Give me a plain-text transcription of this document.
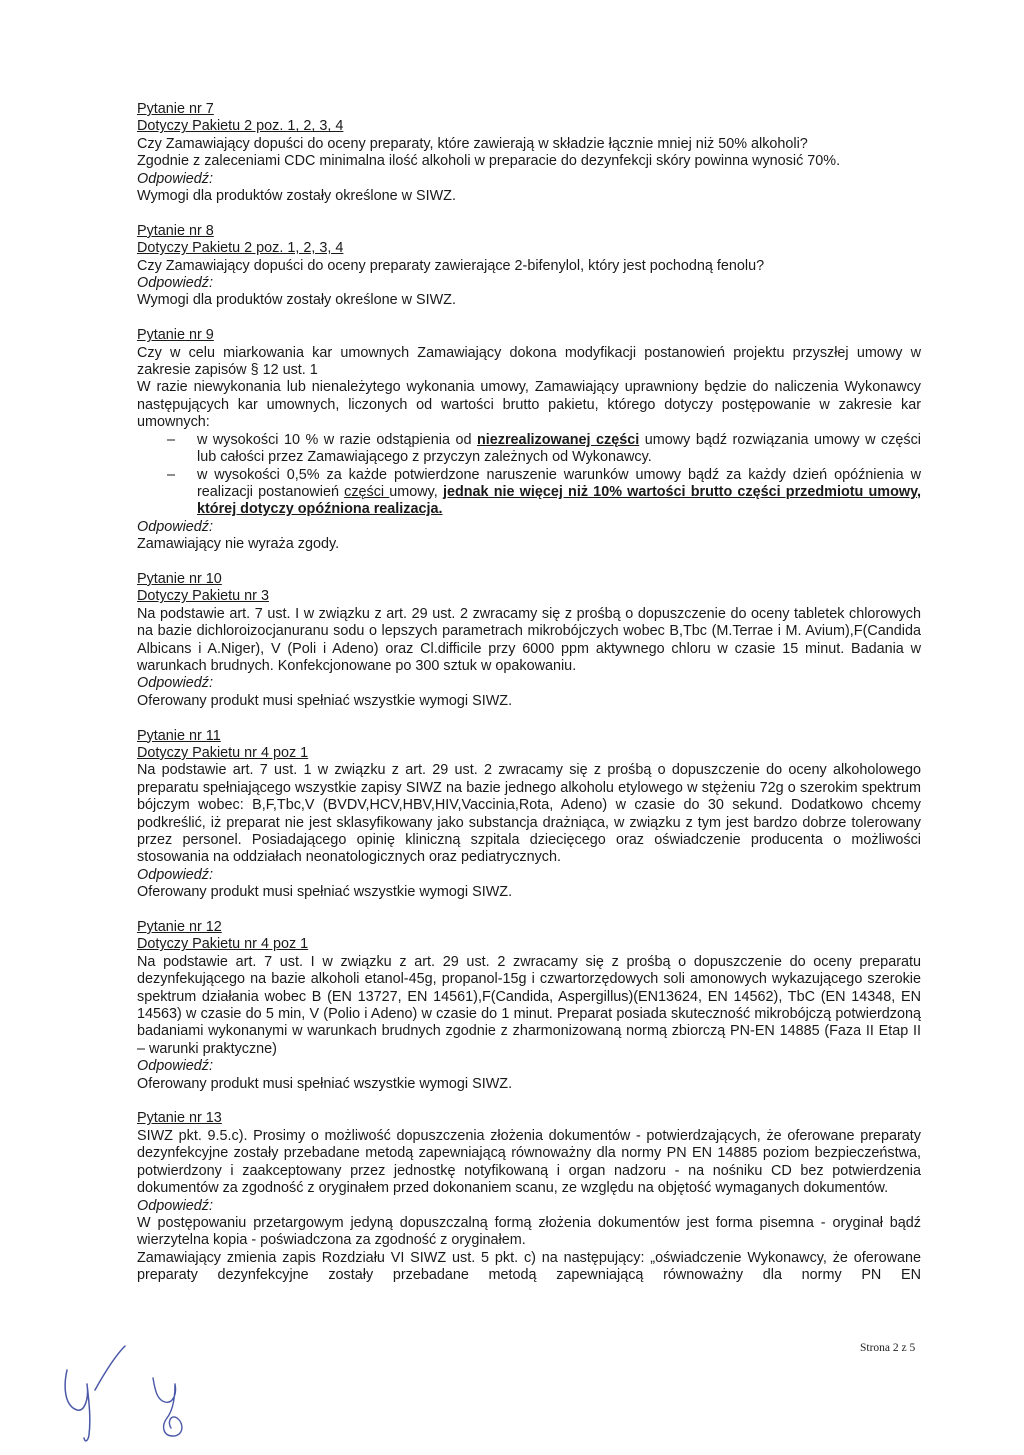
Pytanie nr 7

Dotyczy Pakietu 2 poz. 1, 2, 3, 4

Czy Zamawiający dopuści do oceny preparaty, które zawierają w składzie łącznie mniej niż 50% alkoholi?

Zgodnie z zaleceniami CDC minimalna ilość alkoholi w preparacie do dezynfekcji skóry powinna wynosić 70%.

Odpowiedź:

Wymogi dla produktów zostały określone w SIWZ.

Pytanie nr 8

Dotyczy Pakietu 2 poz. 1, 2, 3, 4

Czy Zamawiający dopuści do oceny preparaty zawierające 2-bifenylol, który jest pochodną fenolu?

Odpowiedź:

Wymogi dla produktów zostały określone w SIWZ.

Pytanie nr 9

Czy w celu miarkowania kar umownych Zamawiający dokona modyfikacji postanowień projektu przyszłej umowy w zakresie zapisów § 12 ust. 1

W razie niewykonania lub nienależytego wykonania umowy, Zamawiający uprawniony będzie do naliczenia Wykonawcy następujących kar umownych, liczonych od wartości brutto pakietu, którego dotyczy postępowanie w zakresie kar umownych:

– w wysokości 10 % w razie odstąpienia od niezrealizowanej części umowy bądź rozwiązania umowy w części lub całości przez Zamawiającego z przyczyn zależnych od Wykonawcy.
– w wysokości 0,5% za każde potwierdzone naruszenie warunków umowy bądź za każdy dzień opóźnienia w realizacji postanowień części umowy, jednak nie więcej niż 10% wartości brutto części przedmiotu umowy, której dotyczy opóźniona realizacja.

Odpowiedź:

Zamawiający nie wyraża zgody.

Pytanie nr 10

Dotyczy Pakietu nr 3

Na podstawie art. 7 ust. I w związku z art. 29 ust. 2 zwracamy się z prośbą o dopuszczenie do oceny tabletek chlorowych na bazie dichloroizocjanuranu sodu o lepszych parametrach mikrobójczych wobec B,Tbc (M.Terrae i M. Avium),F(Candida Albicans i A.Niger), V (Poli i Adeno) oraz Cl.difficile przy 6000 ppm aktywnego chloru w czasie 15 minut. Badania w warunkach brudnych. Konfekcjonowane po 300 sztuk w opakowaniu.

Odpowiedź:

Oferowany produkt musi spełniać wszystkie wymogi SIWZ.

Pytanie nr 11

Dotyczy Pakietu nr 4 poz 1

Na podstawie art. 7 ust. 1 w związku z art. 29 ust. 2 zwracamy się z prośbą o dopuszczenie do oceny alkoholowego preparatu spełniającego wszystkie zapisy SIWZ na bazie jednego alkoholu etylowego w stężeniu 72g o szerokim spektrum bójczym wobec: B,F,Tbc,V (BVDV,HCV,HBV,HIV,Vaccinia,Rota, Adeno) w czasie do 30 sekund. Dodatkowo chcemy podkreślić, iż preparat nie jest sklasyfikowany jako substancja drażniąca, w związku z tym jest bardzo dobrze tolerowany przez personel. Posiadającego opinię kliniczną szpitala dziecięcego oraz oświadczenie producenta o możliwości stosowania na oddziałach neonatologicznych oraz pediatrycznych.

Odpowiedź:

Oferowany produkt musi spełniać wszystkie wymogi SIWZ.

Pytanie nr 12

Dotyczy Pakietu nr 4 poz 1

Na podstawie art. 7 ust. I w związku z art. 29 ust. 2 zwracamy się z prośbą o dopuszczenie do oceny preparatu dezynfekującego na bazie alkoholi etanol-45g, propanol-15g i czwartorzędowych soli amonowych wykazującego szerokie spektrum działania wobec B (EN 13727, EN 14561),F(Candida, Aspergillus)(EN13624, EN 14562), TbC (EN 14348, EN 14563) w czasie do 5 min, V (Polio i Adeno) w czasie do 1 minut. Preparat posiada skuteczność mikrobójczą potwierdzoną badaniami wykonanymi w warunkach brudnych zgodnie z zharmonizowaną normą zbiorczą PN-EN 14885 (Faza II Etap II – warunki praktyczne)

Odpowiedź:

Oferowany produkt musi spełniać wszystkie wymogi SIWZ.

Pytanie nr 13

SIWZ pkt. 9.5.c). Prosimy o możliwość dopuszczenia złożenia dokumentów - potwierdzających, że oferowane preparaty dezynfekcyjne zostały przebadane metodą zapewniającą równoważny dla normy PN EN 14885 poziom bezpieczeństwa, potwierdzony i zaakceptowany przez jednostkę notyfikowaną i organ nadzoru - na nośniku CD bez potwierdzenia dokumentów za zgodność z oryginałem przed dokonaniem scanu, ze względu na objętość wymaganych dokumentów.

Odpowiedź:

W postępowaniu przetargowym jedyną dopuszczalną formą złożenia dokumentów jest forma pisemna - oryginał bądź wierzytelna kopia - poświadczona za zgodność z oryginałem.

Zamawiający zmienia zapis Rozdziału VI SIWZ ust. 5 pkt. c) na następujący: „oświadczenie Wykonawcy, że oferowane preparaty dezynfekcyjne zostały przebadane metodą zapewniającą równoważny dla normy PN EN

Strona 2 z 5
